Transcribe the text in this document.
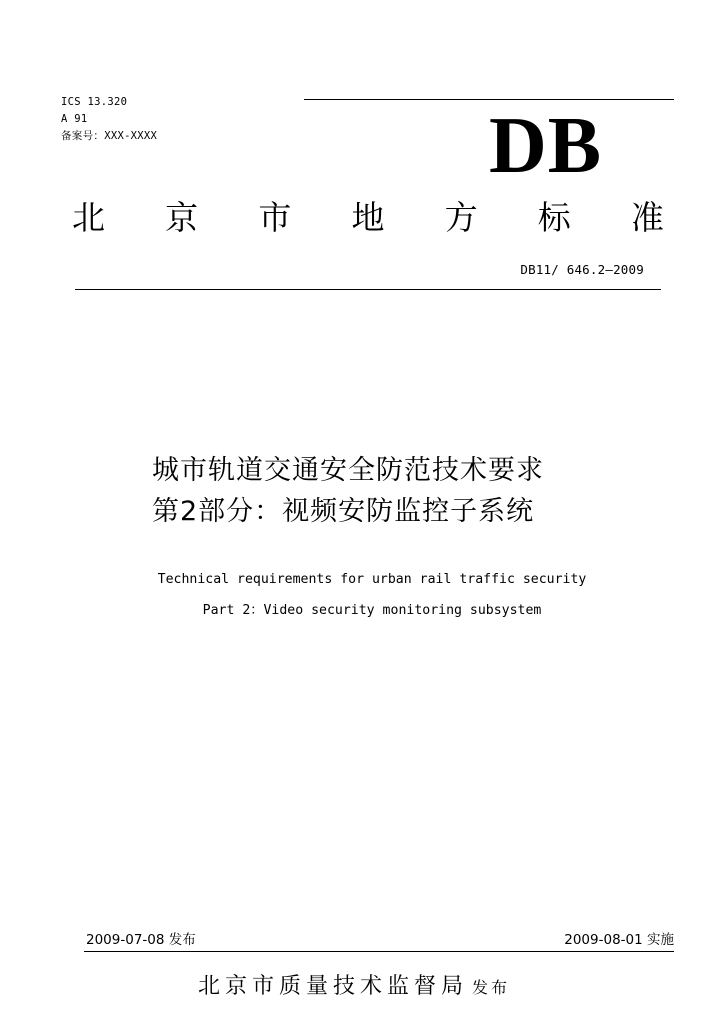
ICS 13.320
A 91
备案号：XXX-XXXX	DB
北 京 市 地 方 标 准
DB11/ 646.2—2009
城市轨道交通安全防范技术要求
第2部分：视频安防监控子系统
Technical requirements for urban rail traffic security
Part 2：Video security monitoring subsystem
2009-07-08 发布	2009-08-01 实施
北京市质量技术监督局 发布
